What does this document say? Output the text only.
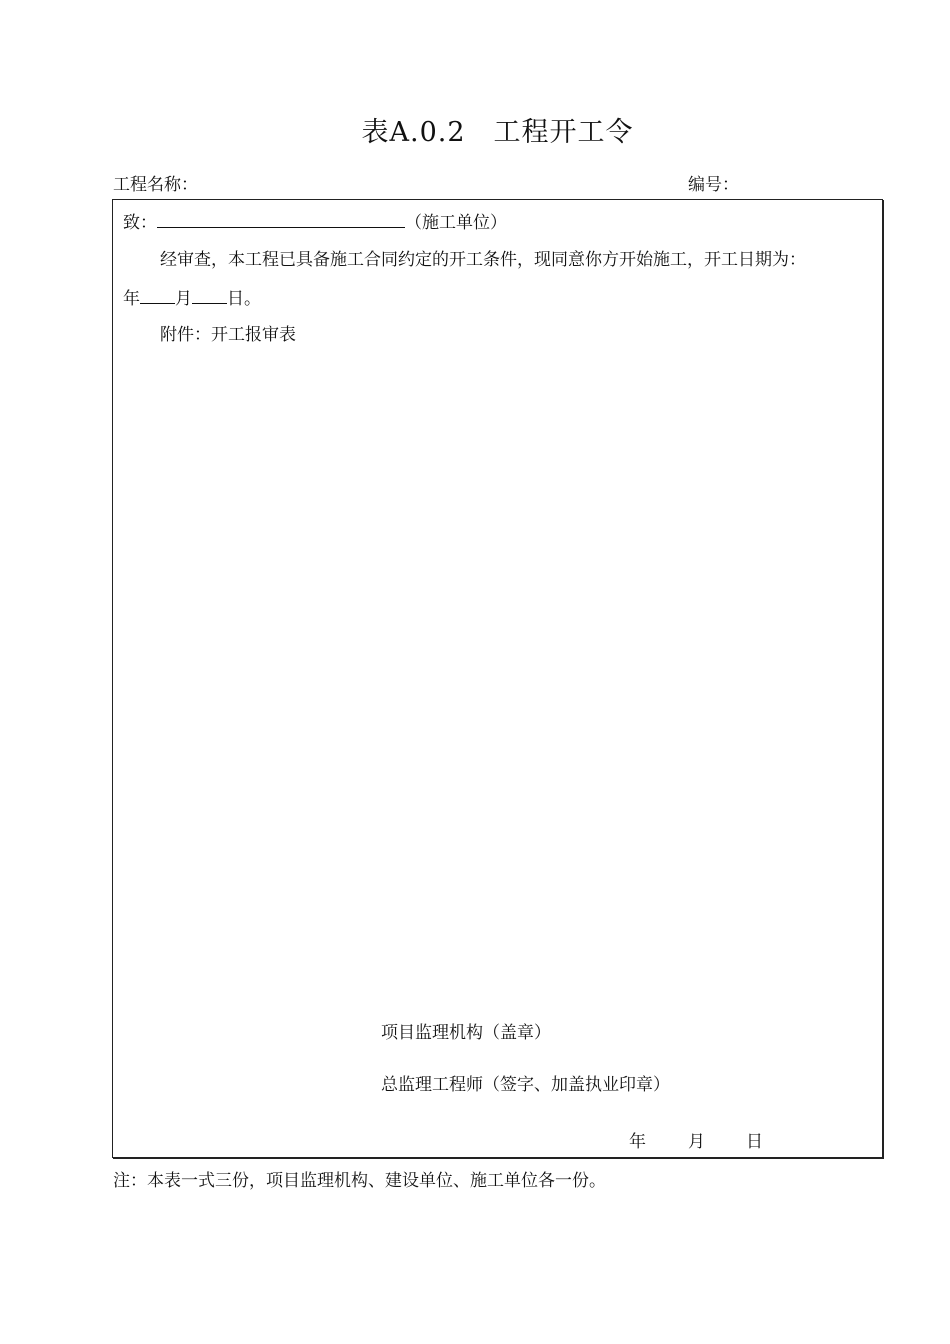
表A.0.2 工程开工令
工程名称：	编号：
致：	（施工单位）
经审查，本工程已具备施工合同约定的开工条件，现同意你方开始施工，开工日期为：
年 月 日。
附件：开工报审表
项目监理机构（盖章）
总监理工程师（签字、加盖执业印章）
年 月 日
注：本表一式三份，项目监理机构、建设单位、施工单位各一份。
